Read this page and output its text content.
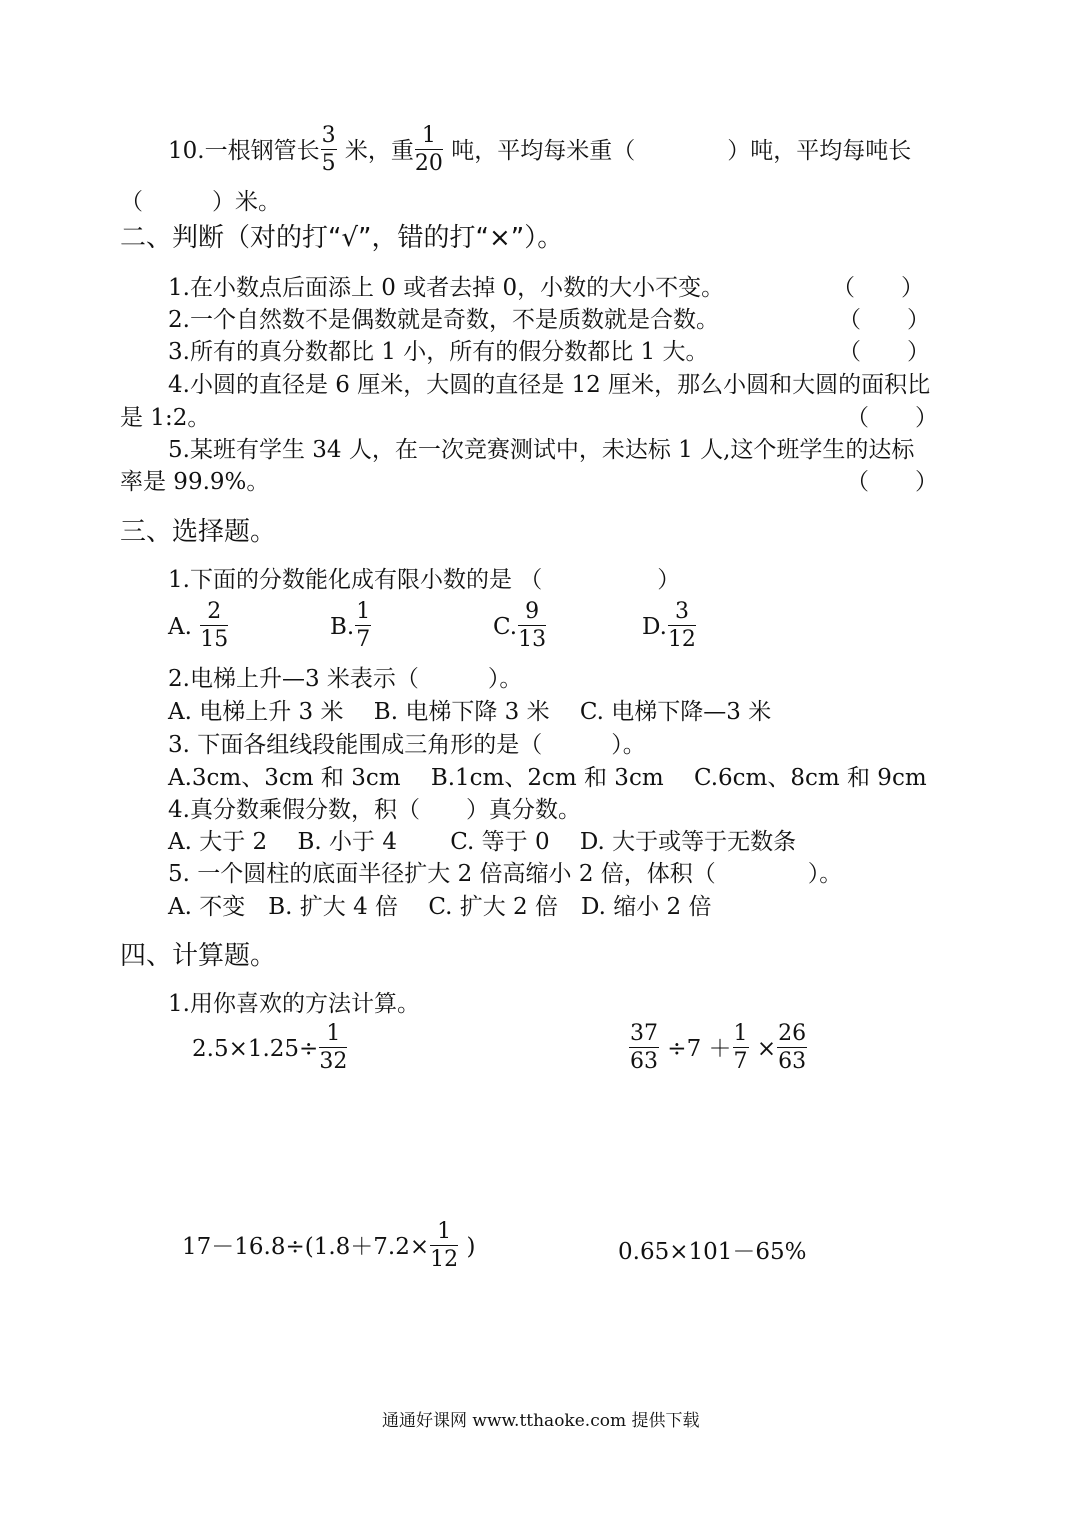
10.一根钢管长 $\frac{3}{5}$ 米，重 $\frac{1}{20}$ 吨，平均每米重（　　　　）吨，平均每吨长
（　　　）米。
二、判断（对的打“√”，错的打“×”）。
1.在小数点后面添上 0 或者去掉 0，小数的大小不变。	（　　）
2.一个自然数不是偶数就是奇数，不是质数就是合数。	（　　）
3.所有的真分数都比 1 小，所有的假分数都比 1 大。	（　　）
4.小圆的直径是 6 厘米，大圆的直径是 12 厘米，那么小圆和大圆的面积比
是 1:2。	（　　）
5.某班有学生 34 人，在一次竞赛测试中，未达标 1 人,这个班学生的达标
率是 99.9%。	（　　）
三、选择题。
1.下面的分数能化成有限小数的是 （　　　　　）
A. $\frac{2}{15}$	B. $\frac{1}{7}$	C. $\frac{9}{13}$	D. $\frac{3}{12}$
2.电梯上升—3 米表示（　　　）。
A. 电梯上升 3 米　 B. 电梯下降 3 米　 C. 电梯下降—3 米
3. 下面各组线段能围成三角形的是（　　　）。
A.3cm、3cm 和 3cm　 B.1cm、2cm 和 3cm　 C.6cm、8cm 和 9cm
4.真分数乘假分数，积（　　）真分数。
A. 大于 2　 B. 小于 4　　 C. 等于 0　 D. 大于或等于无数条
5. 一个圆柱的底面半径扩大 2 倍高缩小 2 倍，体积（　　　　）。
A. 不变　B. 扩大 4 倍　 C. 扩大 2 倍　D. 缩小 2 倍
四、计算题。
1.用你喜欢的方法计算。
$2.5\times 1.25\div \frac{1}{32}$	$\frac{37}{63} \div 7 + \frac{1}{7} \times \frac{26}{63}$
$17-16.8\div(1.8+7.2\times \frac{1}{12}$ )	0.65×101－65%
通通好课网 www.tthaoke.com 提供下载
